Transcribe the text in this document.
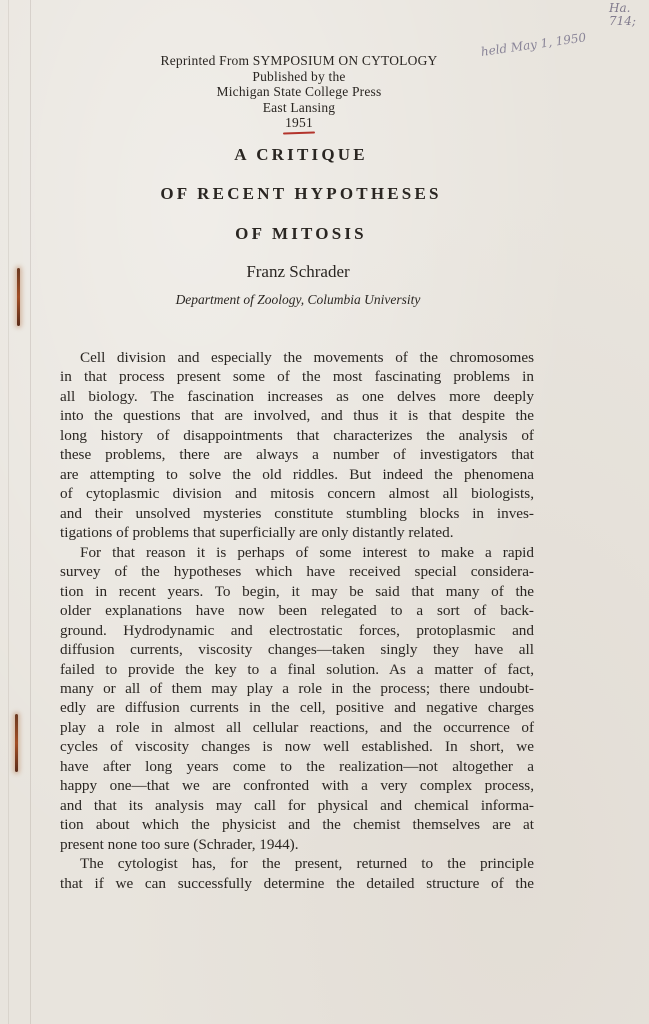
Ha.
714;
held May 1, 1950
Reprinted From SYMPOSIUM ON CYTOLOGY
Published by the
Michigan State College Press
East Lansing
1951
A CRITIQUE
OF RECENT HYPOTHESES
OF MITOSIS
Franz Schrader
Department of Zoology, Columbia University
Cell division and especially the movements of the chromosomes
in that process present some of the most fascinating problems in
all biology. The fascination increases as one delves more deeply
into the questions that are involved, and thus it is that despite the
long history of disappointments that characterizes the analysis of
these problems, there are always a number of investigators that
are attempting to solve the old riddles. But indeed the phenomena
of cytoplasmic division and mitosis concern almost all biologists,
and their unsolved mysteries constitute stumbling blocks in inves-
tigations of problems that superficially are only distantly related.
For that reason it is perhaps of some interest to make a rapid
survey of the hypotheses which have received special considera-
tion in recent years. To begin, it may be said that many of the
older explanations have now been relegated to a sort of back-
ground. Hydrodynamic and electrostatic forces, protoplasmic and
diffusion currents, viscosity changes—taken singly they have all
failed to provide the key to a final solution. As a matter of fact,
many or all of them may play a role in the process; there undoubt-
edly are diffusion currents in the cell, positive and negative charges
play a role in almost all cellular reactions, and the occurrence of
cycles of viscosity changes is now well established. In short, we
have after long years come to the realization—not altogether a
happy one—that we are confronted with a very complex process,
and that its analysis may call for physical and chemical informa-
tion about which the physicist and the chemist themselves are at
present none too sure (Schrader, 1944).
The cytologist has, for the present, returned to the principle
that if we can successfully determine the detailed structure of the
